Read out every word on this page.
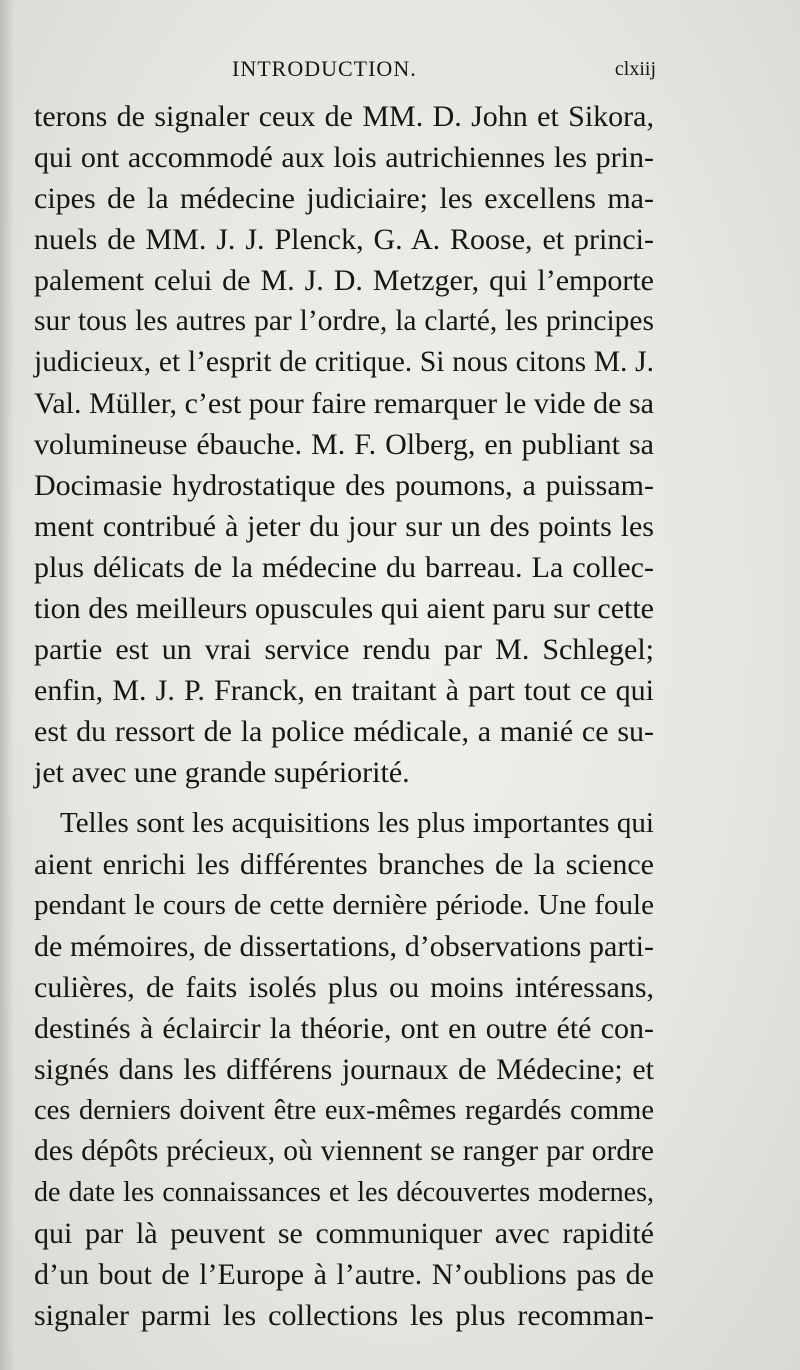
INTRODUCTION.	clxiij
terons de signaler ceux de MM. D. John et Sikora,
qui ont accommodé aux lois autrichiennes les prin-
cipes de la médecine judiciaire; les excellens ma-
nuels de MM. J. J. Plenck, G. A. Roose, et princi-
palement celui de M. J. D. Metzger, qui l’emporte
sur tous les autres par l’ordre, la clarté, les principes
judicieux, et l’esprit de critique. Si nous citons M. J.
Val. Müller, c’est pour faire remarquer le vide de sa
volumineuse ébauche. M. F. Olberg, en publiant sa
Docimasie hydrostatique des poumons, a puissam-
ment contribué à jeter du jour sur un des points les
plus délicats de la médecine du barreau. La collec-
tion des meilleurs opuscules qui aient paru sur cette
partie est un vrai service rendu par M. Schlegel;
enfin, M. J. P. Franck, en traitant à part tout ce qui
est du ressort de la police médicale, a manié ce su-
jet avec une grande supériorité.
Telles sont les acquisitions les plus importantes qui
aient enrichi les différentes branches de la science
pendant le cours de cette dernière période. Une foule
de mémoires, de dissertations, d’observations parti-
culières, de faits isolés plus ou moins intéressans,
destinés à éclaircir la théorie, ont en outre été con-
signés dans les différens journaux de Médecine; et
ces derniers doivent être eux-mêmes regardés comme
des dépôts précieux, où viennent se ranger par ordre
de date les connaissances et les découvertes modernes,
qui par là peuvent se communiquer avec rapidité
d’un bout de l’Europe à l’autre. N’oublions pas de
signaler parmi les collections les plus recomman-
